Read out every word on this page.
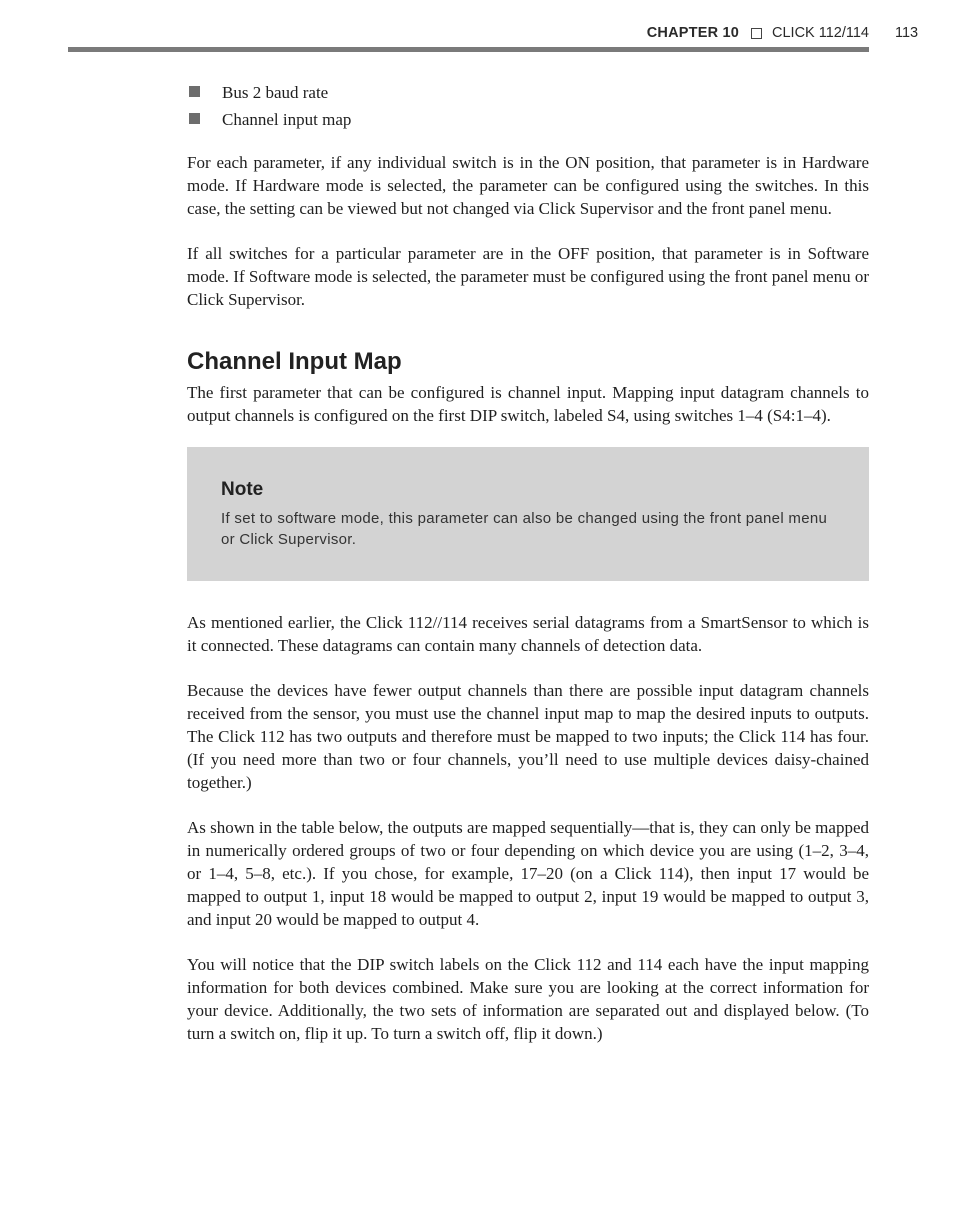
CHAPTER 10 CLICK 112/114 113
Bus 2 baud rate
Channel input map

For each parameter, if any individual switch is in the ON position, that parameter is in Hardware mode. If Hardware mode is selected, the parameter can be configured using the switches. In this case, the setting can be viewed but not changed via Click Supervisor and the front panel menu.

If all switches for a particular parameter are in the OFF position, that parameter is in Software mode. If Software mode is selected, the parameter must be configured using the front panel menu or Click Supervisor.

Channel Input Map

The first parameter that can be configured is channel input. Mapping input datagram channels to output channels is configured on the first DIP switch, labeled S4, using switches 1–4 (S4:1–4).

Note
If set to software mode, this parameter can also be changed using the front panel menu or Click Supervisor.

As mentioned earlier, the Click 112//114 receives serial datagrams from a SmartSensor to which is it connected. These datagrams can contain many channels of detection data.

Because the devices have fewer output channels than there are possible input datagram channels received from the sensor, you must use the channel input map to map the desired inputs to outputs. The Click 112 has two outputs and therefore must be mapped to two inputs; the Click 114 has four. (If you need more than two or four channels, you’ll need to use multiple devices daisy-chained together.)

As shown in the table below, the outputs are mapped sequentially—that is, they can only be mapped in numerically ordered groups of two or four depending on which device you are using (1–2, 3–4, or 1–4, 5–8, etc.). If you chose, for example, 17–20 (on a Click 114), then input 17 would be mapped to output 1, input 18 would be mapped to output 2, input 19 would be mapped to output 3, and input 20 would be mapped to output 4.

You will notice that the DIP switch labels on the Click 112 and 114 each have the input mapping information for both devices combined. Make sure you are looking at the correct information for your device. Additionally, the two sets of information are separated out and displayed below. (To turn a switch on, flip it up. To turn a switch off, flip it down.)
